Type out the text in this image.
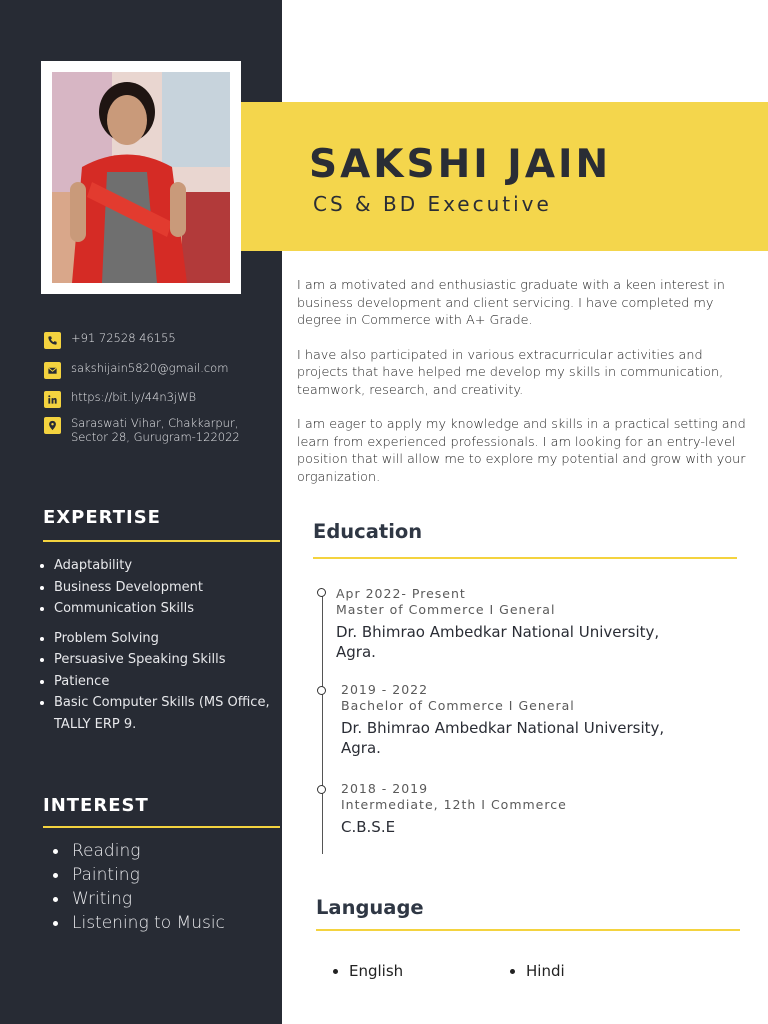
+91 72528 46155
sakshijain5820@gmail.com
https://bit.ly/44n3jWB
Saraswati Vihar, Chakkarpur,
Sector 28, Gurugram-122022
EXPERTISE
Adaptability
Business Development
Communication Skills
Problem Solving
Persuasive Speaking Skills
Patience
Basic Computer Skills (MS Office, TALLY ERP 9.
INTEREST
Reading
Painting
Writing
Listening to Music
SAKSHI JAIN
CS & BD Executive

I am a motivated and enthusiastic graduate with a keen interest in business development and client servicing. I have completed my degree in Commerce with A+ Grade.

I have also participated in various extracurricular activities and projects that have helped me develop my skills in communication, teamwork, research, and creativity.

I am eager to apply my knowledge and skills in a practical setting and learn from experienced professionals. I am looking for an entry-level position that will allow me to explore my potential and grow with your organization.

Education
Apr 2022- Present
Master of Commerce I General
Dr. Bhimrao Ambedkar National University, Agra.
2019 - 2022
Bachelor of Commerce I General
Dr. Bhimrao Ambedkar National University, Agra.
2018 - 2019
Intermediate, 12th I Commerce
C.B.S.E
Language
English	Hindi
